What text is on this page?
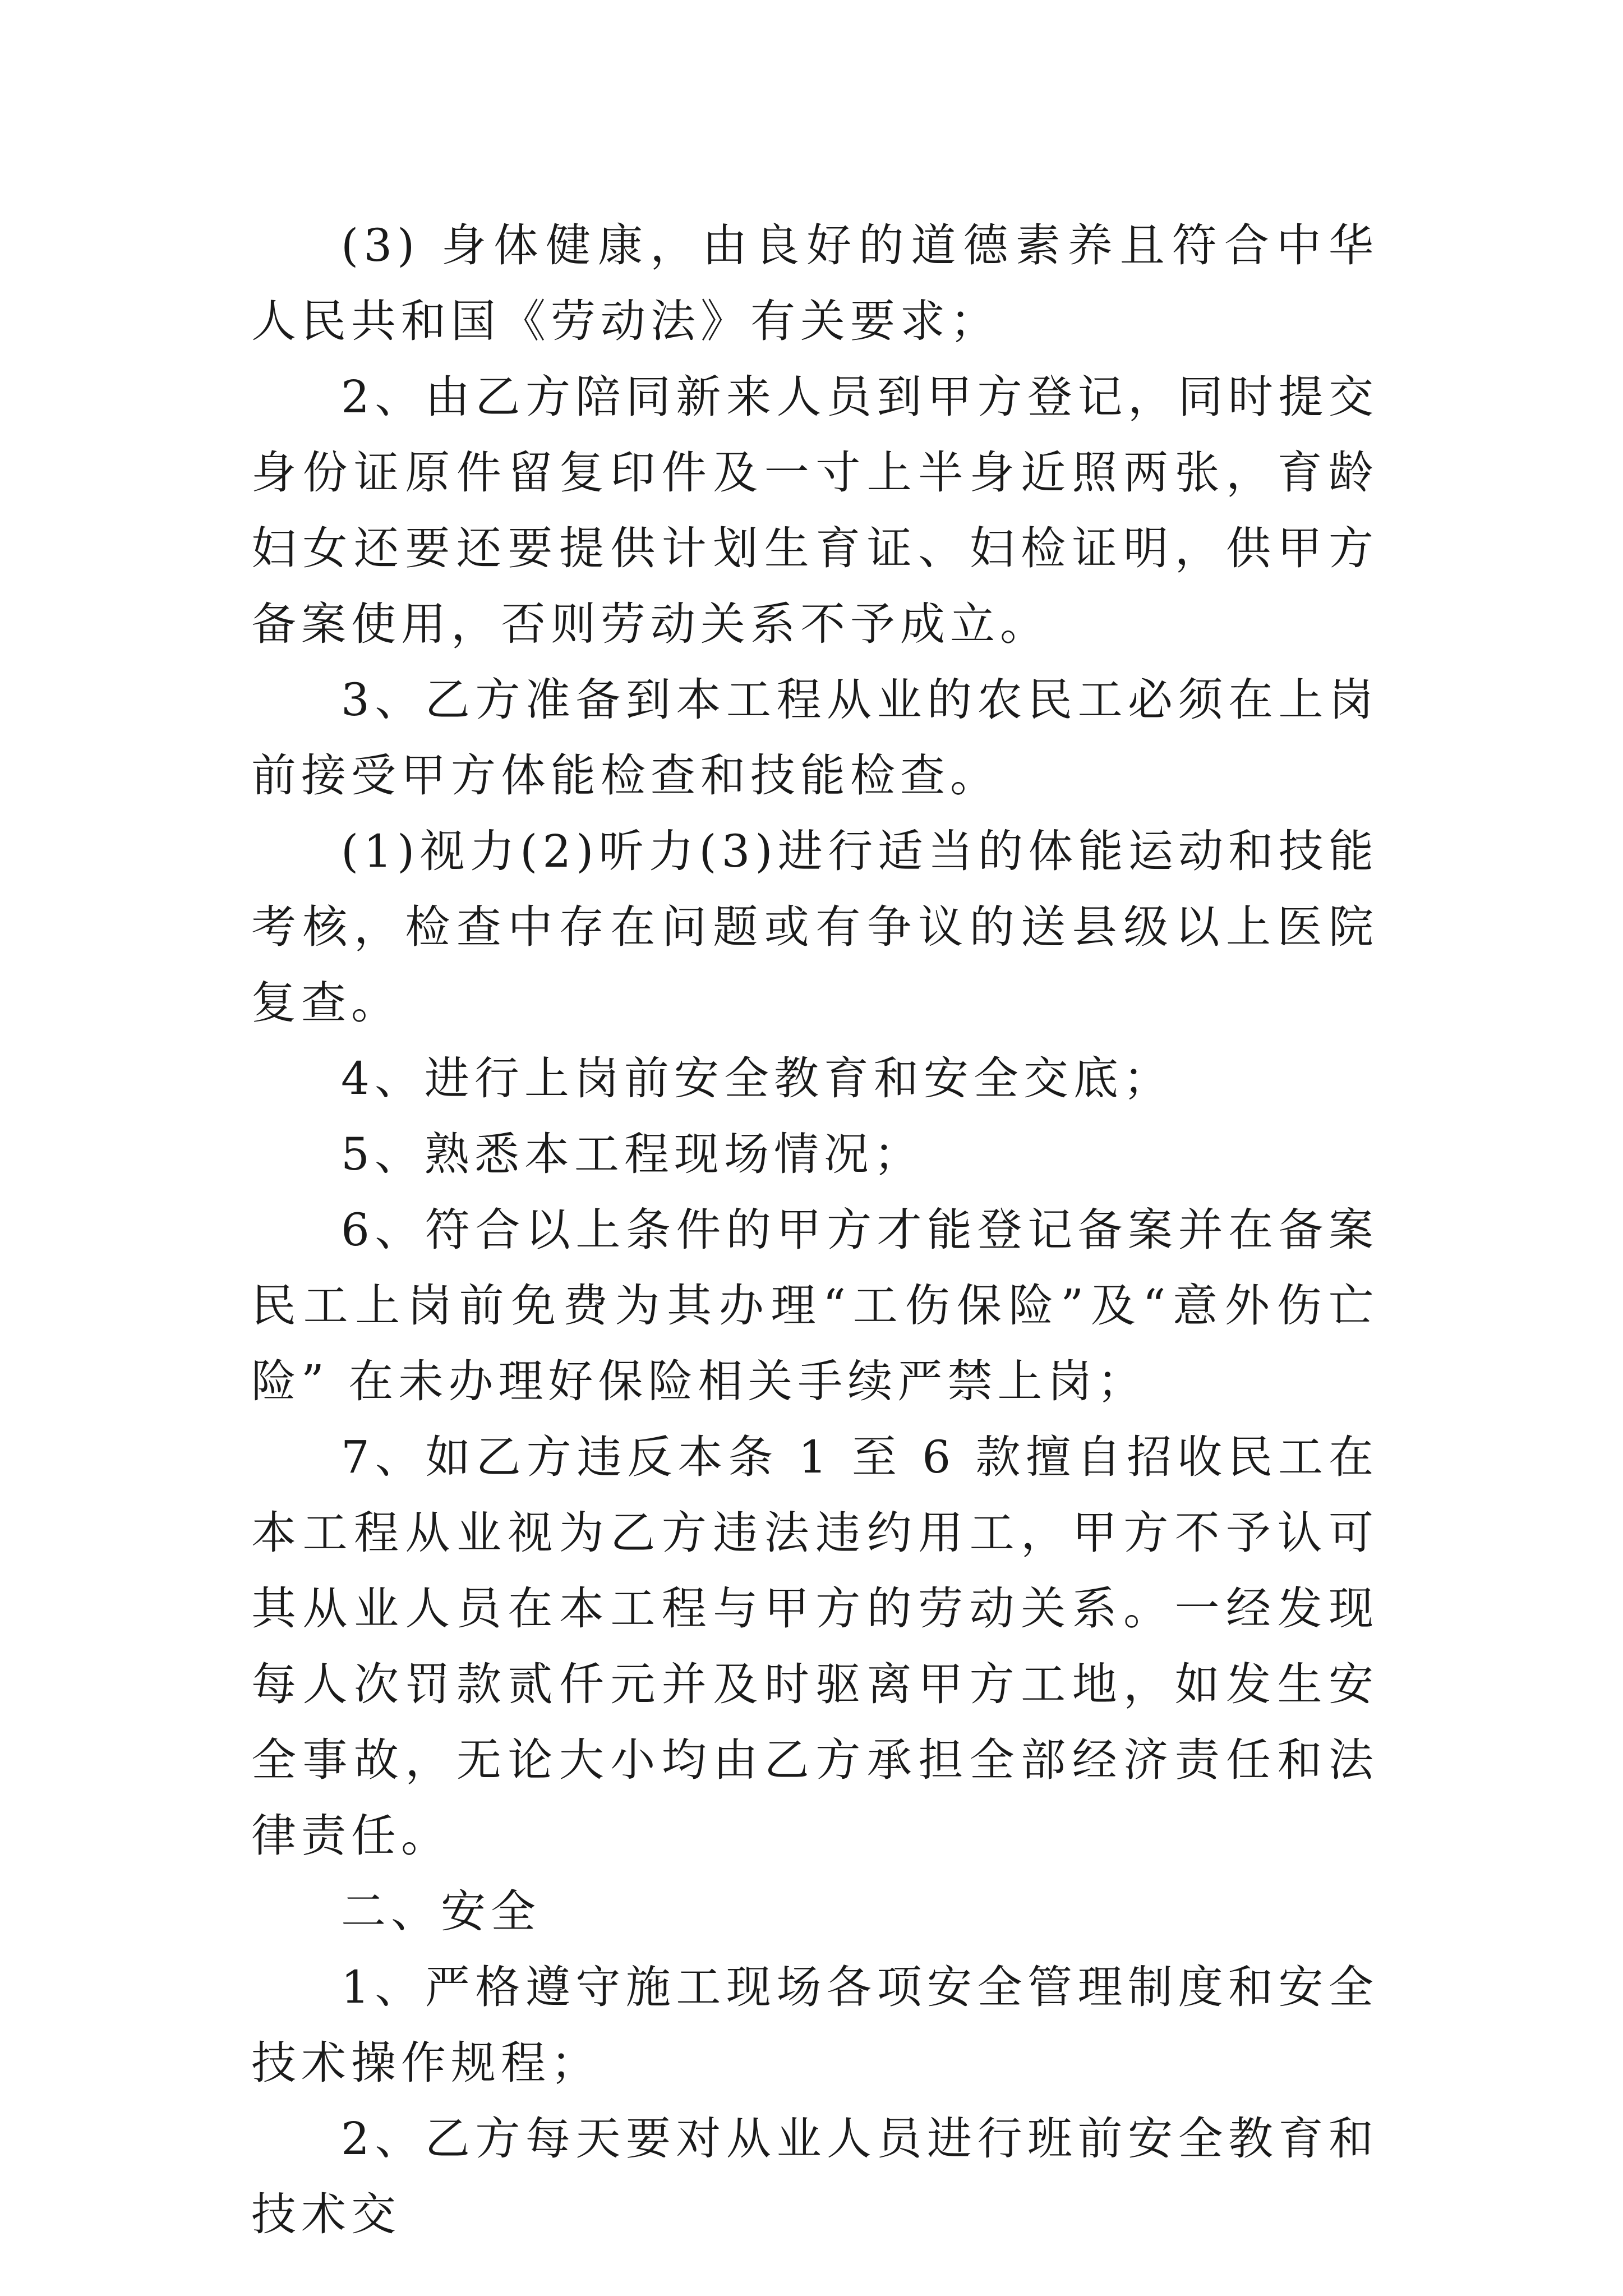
(3) 身体健康，由良好的道德素养且符合中华人民共和国《劳动法》有关要求；

2、由乙方陪同新来人员到甲方登记，同时提交身份证原件留复印件及一寸上半身近照两张，育龄妇女还要还要提供计划生育证、妇检证明，供甲方备案使用，否则劳动关系不予成立。

3、乙方准备到本工程从业的农民工必须在上岗前接受甲方体能检查和技能检查。

(1)视力(2)听力(3)进行适当的体能运动和技能考核，检查中存在问题或有争议的送县级以上医院复查。

4、进行上岗前安全教育和安全交底；

5、熟悉本工程现场情况；

6、符合以上条件的甲方才能登记备案并在备案民工上岗前免费为其办理“工伤保险”及“意外伤亡险” 在未办理好保险相关手续严禁上岗；

7、如乙方违反本条 1 至 6 款擅自招收民工在本工程从业视为乙方违法违约用工，甲方不予认可其从业人员在本工程与甲方的劳动关系。一经发现每人次罚款贰仟元并及时驱离甲方工地，如发生安全事故，无论大小均由乙方承担全部经济责任和法律责任。

二、安全

1、严格遵守施工现场各项安全管理制度和安全技术操作规程；

2、乙方每天要对从业人员进行班前安全教育和技术交
